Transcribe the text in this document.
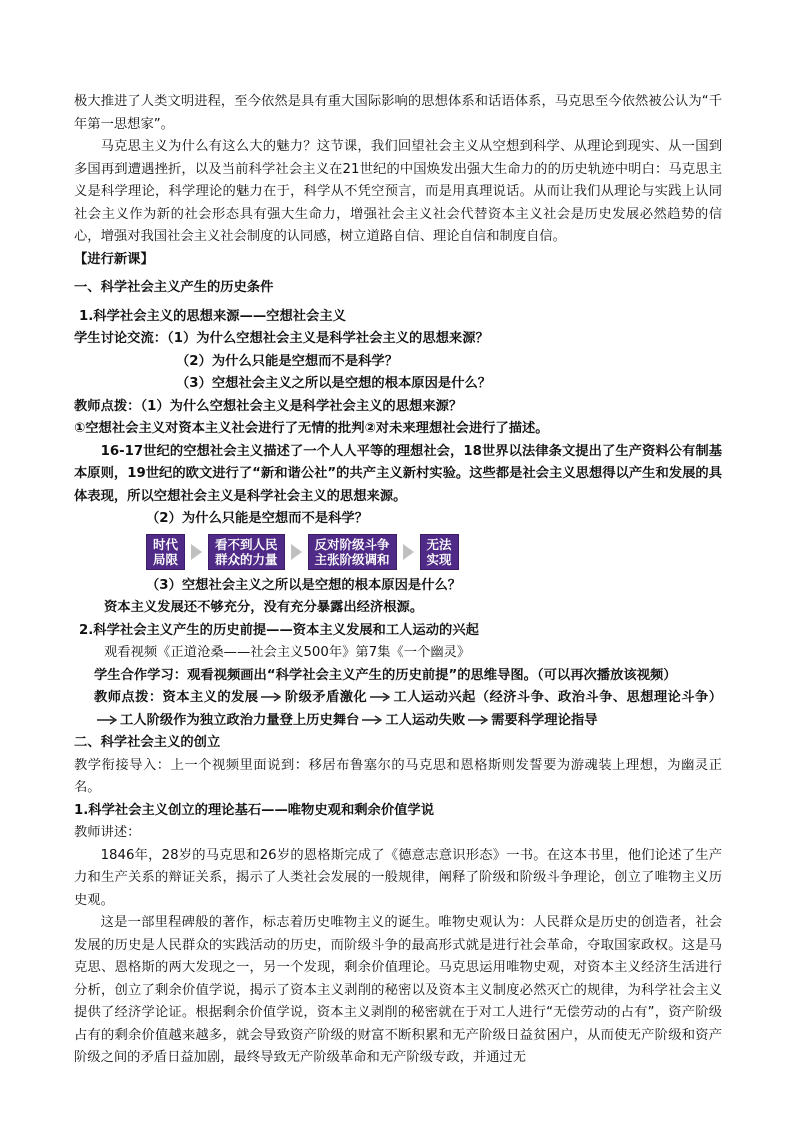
极大推进了人类文明进程，至今依然是具有重大国际影响的思想体系和话语体系，马克思至今依然被公认为“千年第一思想家”。

马克思主义为什么有这么大的魅力？这节课，我们回望社会主义从空想到科学、从理论到现实、从一国到多国再到遭遇挫折，以及当前科学社会主义在21世纪的中国焕发出强大生命力的的历史轨迹中明白：马克思主义是科学理论，科学理论的魅力在于，科学从不凭空预言，而是用真理说话。从而让我们从理论与实践上认同社会主义作为新的社会形态具有强大生命力，增强社会主义社会代替资本主义社会是历史发展必然趋势的信心，增强对我国社会主义社会制度的认同感，树立道路自信、理论自信和制度自信。

【进行新课】

一、科学社会主义产生的历史条件

1.科学社会主义的思想来源——空想社会主义

学生讨论交流：（1）为什么空想社会主义是科学社会主义的思想来源？

（2）为什么只能是空想而不是科学？

（3）空想社会主义之所以是空想的根本原因是什么？

教师点拨：（1）为什么空想社会主义是科学社会主义的思想来源？

①空想社会主义对资本主义社会进行了无情的批判②对未来理想社会进行了描述。

16-17世纪的空想社会主义描述了一个人人平等的理想社会，18世界以法律条文提出了生产资料公有制基本原则，19世纪的欧文进行了“新和谐公社”的共产主义新村实验。这些都是社会主义思想得以产生和发展的具体表现，所以空想社会主义是科学社会主义的思想来源。

（2）为什么只能是空想而不是科学？

时代
局限
看不到人民
群众的力量
反对阶级斗争
主张阶级调和
无法
实现

（3）空想社会主义之所以是空想的根本原因是什么？

资本主义发展还不够充分，没有充分暴露出经济根源。

2.科学社会主义产生的历史前提——资本主义发展和工人运动的兴起

观看视频《正道沧桑——社会主义500年》第7集《一个幽灵》

学生合作学习：观看视频画出“科学社会主义产生的历史前提”的思维导图。（可以再次播放该视频）

教师点拨：资本主义的发展 阶级矛盾激化 工人运动兴起（经济斗争、政治斗争、思想理论斗争）工人阶级作为独立政治力量登上历史舞台 工人运动失败 需要科学理论指导

二、科学社会主义的创立

教学衔接导入：上一个视频里面说到：移居布鲁塞尔的马克思和恩格斯则发誓要为游魂装上理想，为幽灵正名。

1.科学社会主义创立的理论基石——唯物史观和剩余价值学说

教师讲述：

1846年，28岁的马克思和26岁的恩格斯完成了《德意志意识形态》一书。在这本书里，他们论述了生产力和生产关系的辩证关系，揭示了人类社会发展的一般规律，阐释了阶级和阶级斗争理论，创立了唯物主义历史观。

这是一部里程碑般的著作，标志着历史唯物主义的诞生。唯物史观认为：人民群众是历史的创造者，社会发展的历史是人民群众的实践活动的历史，而阶级斗争的最高形式就是进行社会革命，夺取国家政权。这是马克思、恩格斯的两大发现之一，另一个发现，剩余价值理论。马克思运用唯物史观，对资本主义经济生活进行分析，创立了剩余价值学说，揭示了资本主义剥削的秘密以及资本主义制度必然灭亡的规律，为科学社会主义提供了经济学论证。根据剩余价值学说，资本主义剥削的秘密就在于对工人进行“无偿劳动的占有”，资产阶级占有的剩余价值越来越多，就会导致资产阶级的财富不断积累和无产阶级日益贫困户，从而使无产阶级和资产阶级之间的矛盾日益加剧，最终导致无产阶级革命和无产阶级专政，并通过无
